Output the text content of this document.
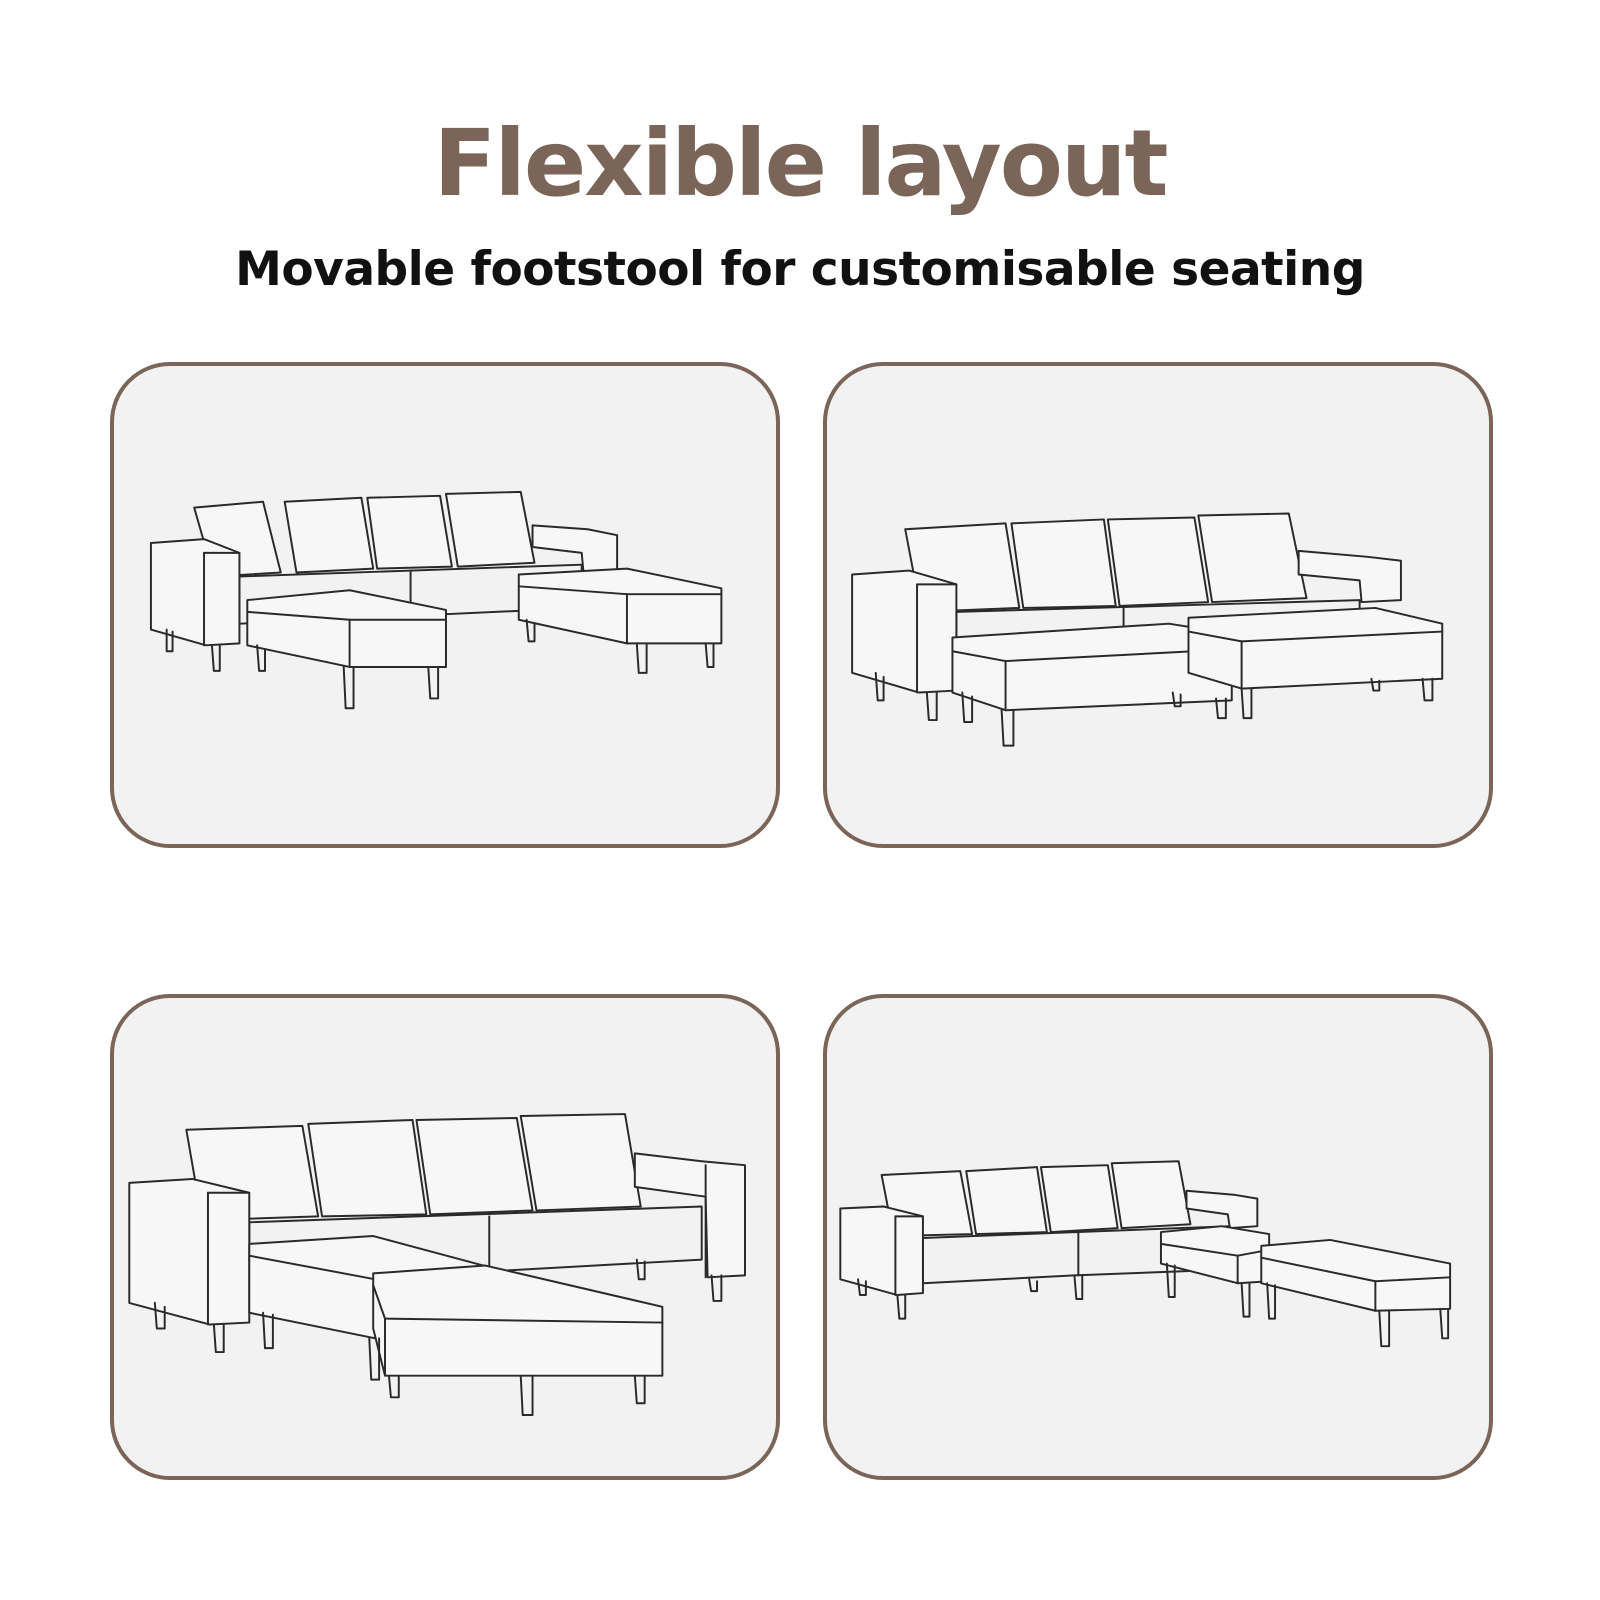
Flexible layout
Movable footstool for customisable seating
